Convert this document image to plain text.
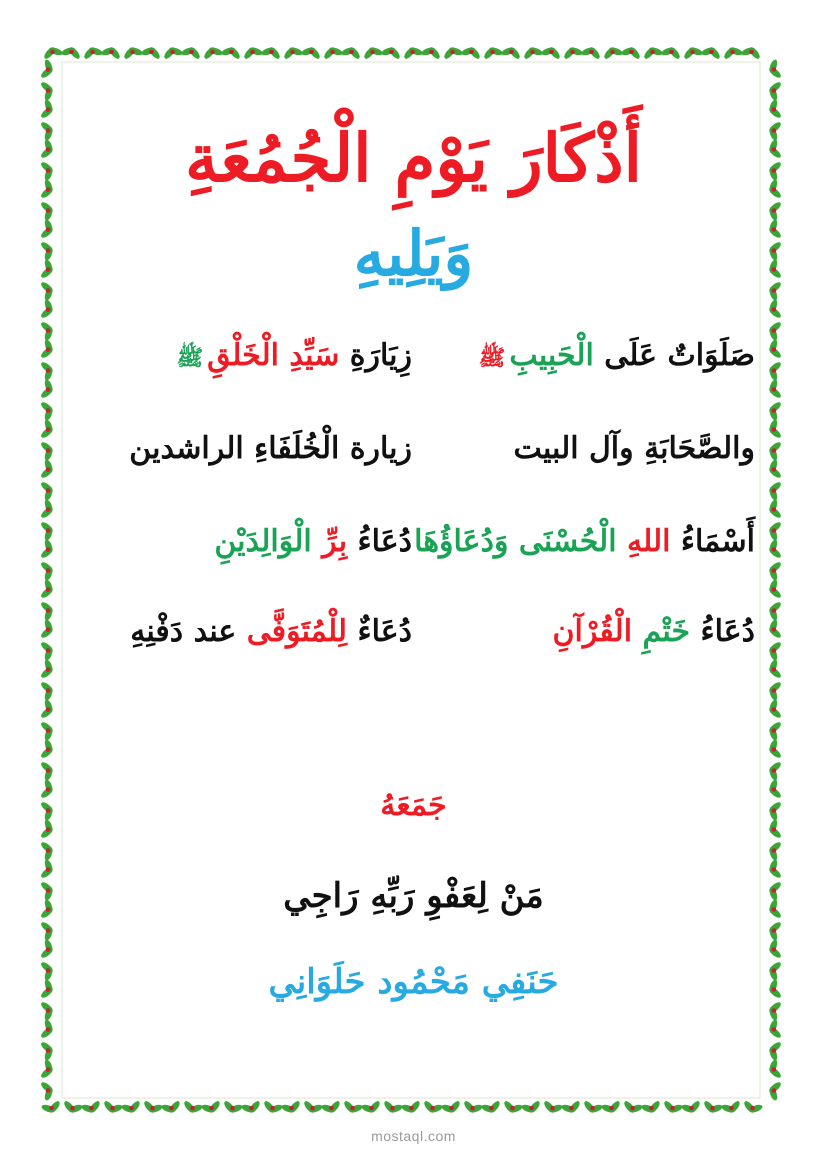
أَذْكَارَ يَوْمِ الْجُمُعَةِ
وَيَلِيهِ
صَلَوَاتٌ عَلَى الْحَبِيبِﷺ
زِيَارَةِ سَيِّدِ الْخَلْقِﷺ
والصَّحَابَةِ وآل البيت
زيارة الْخُلَفَاءِ الراشدين
أَسْمَاءُ اللهِ الْحُسْنَى وَدُعَاؤُهَا
دُعَاءُ بِرِّ الْوَالِدَيْنِ
دُعَاءُ خَتْمِ الْقُرْآنِ
دُعَاءٌ لِلْمُتَوَفَّى عند دَفْنِهِ
جَمَعَهُ
مَنْ لِعَفْوِ رَبِّهِ رَاجِي
حَنَفِي مَحْمُود حَلَوَانِي
mostaql.com
